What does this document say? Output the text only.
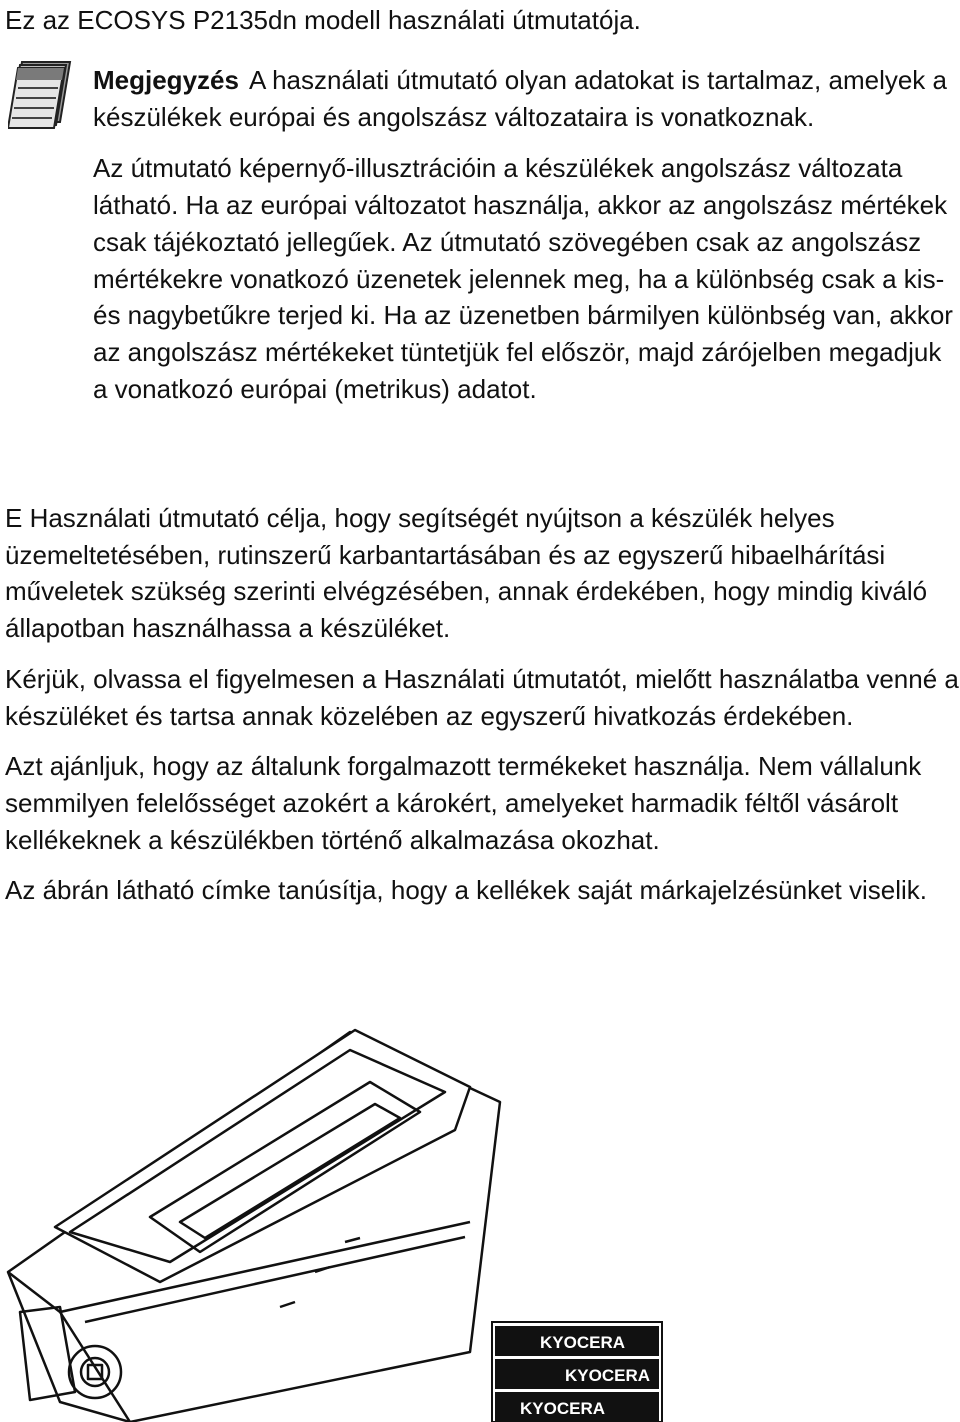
Ez az ECOSYS P2135dn modell használati útmutatója.

Megjegyzés A használati útmutató olyan adatokat is tartalmaz, amelyek a készülékek európai és angolszász változataira is vonatkoznak.

Az útmutató képernyő-illusztrációin a készülékek angolszász változata látható. Ha az európai változatot használja, akkor az angolszász mértékek csak tájékoztató jellegűek. Az útmutató szövegében csak az angolszász mértékekre vonatkozó üzenetek jelennek meg, ha a különbség csak a kis- és nagybetűkre terjed ki. Ha az üzenetben bármilyen különbség van, akkor az angolszász mértékeket tüntetjük fel először, majd zárójelben megadjuk a vonatkozó európai (metrikus) adatot.

E Használati útmutató célja, hogy segítségét nyújtson a készülék helyes üzemeltetésében, rutinszerű karbantartásában és az egyszerű hibaelhárítási műveletek szükség szerinti elvégzésében, annak érdekében, hogy mindig kiváló állapotban használhassa a készüléket.

Kérjük, olvassa el figyelmesen a Használati útmutatót, mielőtt használatba venné a készüléket és tartsa annak közelében az egyszerű hivatkozás érdekében.

Azt ajánljuk, hogy az általunk forgalmazott termékeket használja. Nem vállalunk semmilyen felelősséget azokért a károkért, amelyeket harmadik féltől vásárolt kellékeknek a készülékben történő alkalmazása okozhat.

Az ábrán látható címke tanúsítja, hogy a kellékek saját márkajelzésünket viselik.

KYOCERA
KYOCERA
KYOCERA
